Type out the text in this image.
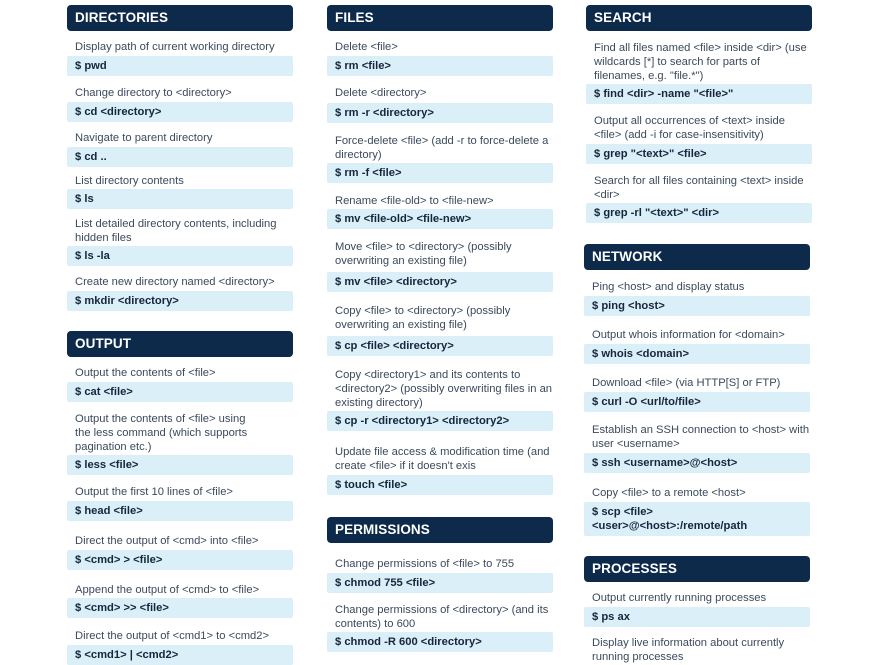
DIRECTORIES
Display path of current working directory
$ pwd
Change directory to <directory>
$ cd <directory>
Navigate to parent directory
$ cd ..
List directory contents
$ ls
List detailed directory contents, including hidden files
$ ls -la
Create new directory named <directory>
$ mkdir <directory>
OUTPUT
Output the contents of <file>
$ cat <file>
Output the contents of <file> using the less command (which supports pagination etc.)
$ less <file>
Output the first 10 lines of <file>
$ head <file>
Direct the output of <cmd> into <file>
$ <cmd> > <file>
Append the output of <cmd> to <file>
$ <cmd> >> <file>
Direct the output of <cmd1> to <cmd2>
$ <cmd1> | <cmd2>
FILES
Delete <file>
$ rm <file>
Delete <directory>
$ rm -r <directory>
Force-delete <file> (add -r to force-delete a directory)
$ rm -f <file>
Rename <file-old> to <file-new>
$ mv <file-old> <file-new>
Move <file> to <directory> (possibly overwriting an existing file)
$ mv <file> <directory>
Copy <file> to <directory> (possibly overwriting an existing file)
$ cp <file> <directory>
Copy <directory1> and its contents to <directory2> (possibly overwriting files in an existing directory)
$ cp -r <directory1> <directory2>
Update file access & modification time (and create <file> if it doesn't exis
$ touch <file>
PERMISSIONS
Change permissions of <file> to 755
$ chmod 755 <file>
Change permissions of <directory> (and its contents) to 600
$ chmod -R 600 <directory>
SEARCH
Find all files named <file> inside <dir> (use wildcards [*] to search for parts of filenames, e.g. "file.*")
$ find <dir> -name "<file>"
Output all occurrences of <text> inside <file> (add -i for case-insensitivity)
$ grep "<text>" <file>
Search for all files containing <text> inside <dir>
$ grep -rl "<text>" <dir>
NETWORK
Ping <host> and display status
$ ping <host>
Output whois information for <domain>
$ whois <domain>
Download <file> (via HTTP[S] or FTP)
$ curl -O <url/to/file>
Establish an SSH connection to <host> with user <username>
$ ssh <username>@<host>
Copy <file> to a remote <host>
$ scp <file> <user>@<host>:/remote/path
PROCESSES
Output currently running processes
$ ps ax
Display live information about currently running processes
